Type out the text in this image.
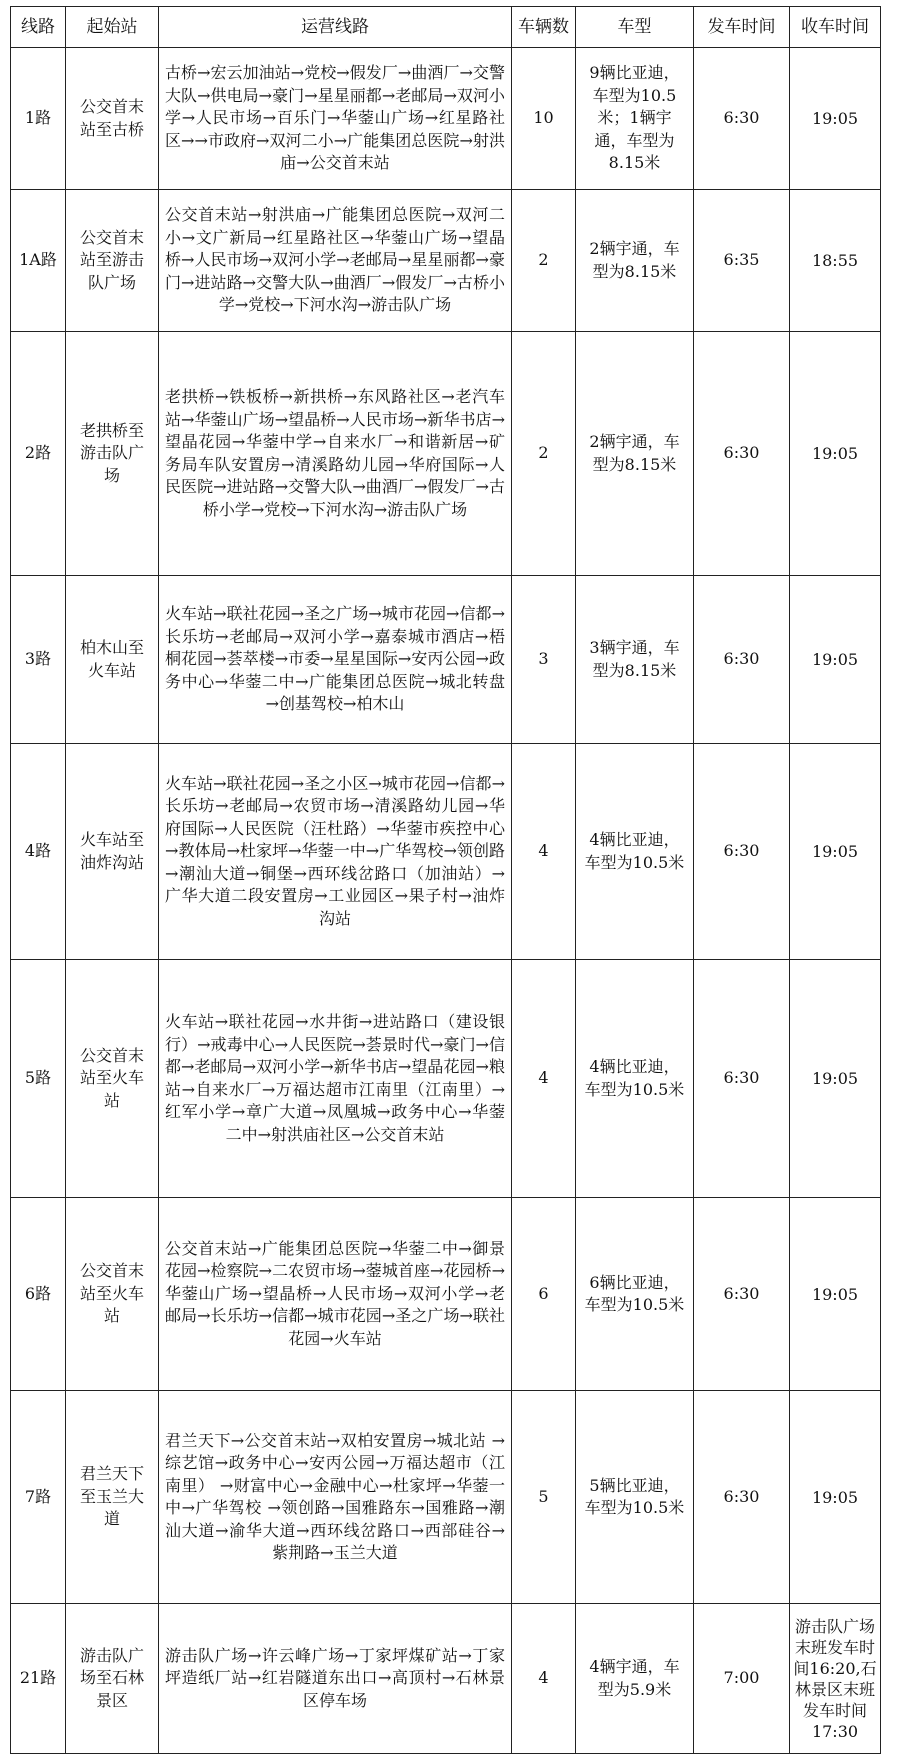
线路	起始站	运营线路	车辆数	车型	发车时间	收车时间
1路	公交首末站至古桥	古桥→宏云加油站→党校→假发厂→曲酒厂→交警大队→供电局→豪门→星星丽都→老邮局→双河小学→人民市场→百乐门→华蓥山广场→红星路社区→→市政府→双河二小→广能集团总医院→射洪庙→公交首末站	10	9辆比亚迪，车型为10.5米；1辆宇通，车型为8.15米	6:30	19:05
1A路	公交首末站至游击队广场	公交首末站→射洪庙→广能集团总医院→双河二小→文广新局→红星路社区→华蓥山广场→望晶桥→人民市场→双河小学→老邮局→星星丽都→豪门→进站路→交警大队→曲酒厂→假发厂→古桥小学→党校→下河水沟→游击队广场	2	2辆宇通，车型为8.15米	6:35	18:55
2路	老拱桥至游击队广场	老拱桥→铁板桥→新拱桥→东风路社区→老汽车站→华蓥山广场→望晶桥→人民市场→新华书店→ 望晶花园→华蓥中学→自来水厂→和谐新居→矿务局车队安置房→清溪路幼儿园→华府国际→人民医院→进站路→交警大队→曲酒厂→假发厂→古桥小学→党校→下河水沟→游击队广场	2	2辆宇通，车型为8.15米	6:30	19:05
3路	柏木山至火车站	火车站→联社花园→圣之广场→城市花园→信都→长乐坊→老邮局→双河小学→嘉泰城市酒店→梧桐花园→荟萃楼→市委→星星国际→安丙公园→政务中心→华蓥二中→广能集团总医院→城北转盘→创基驾校→柏木山	3	3辆宇通，车型为8.15米	6:30	19:05
4路	火车站至油炸沟站	火车站→联社花园→圣之小区→城市花园→信都→长乐坊→老邮局→农贸市场→清溪路幼儿园→华府国际→人民医院（汪杜路）→华蓥市疾控中心→教体局→杜家坪→华蓥一中→广华驾校→领创路→潮汕大道→铜堡→西环线岔路口（加油站）→广华大道二段安置房→工业园区→果子村→油炸沟站	4	4辆比亚迪，车型为10.5米	6:30	19:05
5路	公交首末站至火车站	火车站→联社花园→水井街→进站路口（建设银行）→戒毒中心→人民医院→荟景时代→豪门→信都→老邮局→双河小学→新华书店→望晶花园→粮站→自来水厂→万福达超市江南里（江南里）→红军小学→章广大道→凤凰城→政务中心→华蓥二中→射洪庙社区→公交首末站	4	4辆比亚迪，车型为10.5米	6:30	19:05
6路	公交首末站至火车站	公交首末站→广能集团总医院→华蓥二中→御景花园→检察院→二农贸市场→蓥城首座→花园桥→华蓥山广场→望晶桥→人民市场→双河小学→老邮局→长乐坊→信都→城市花园→圣之广场→联社花园→火车站	6	6辆比亚迪，车型为10.5米	6:30	19:05
7路	君兰天下至玉兰大道	君兰天下→公交首末站→双柏安置房→城北站 →综艺馆→政务中心→安丙公园→万福达超市（江南里） →财富中心→金融中心→杜家坪→华蓥一中→广华驾校 →领创路→国雅路东→国雅路→潮汕大道→渝华大道→西环线岔路口→西部硅谷→紫荆路→玉兰大道	5	5辆比亚迪，车型为10.5米	6:30	19:05
21路	游击队广场至石林景区	游击队广场→许云峰广场→丁家坪煤矿站→丁家坪造纸厂站→红岩隧道东出口→高顶村→石林景区停车场	4	4辆宇通，车型为5.9米	7:00	游击队广场末班发车时间16:20,石林景区末班发车时间17:30
